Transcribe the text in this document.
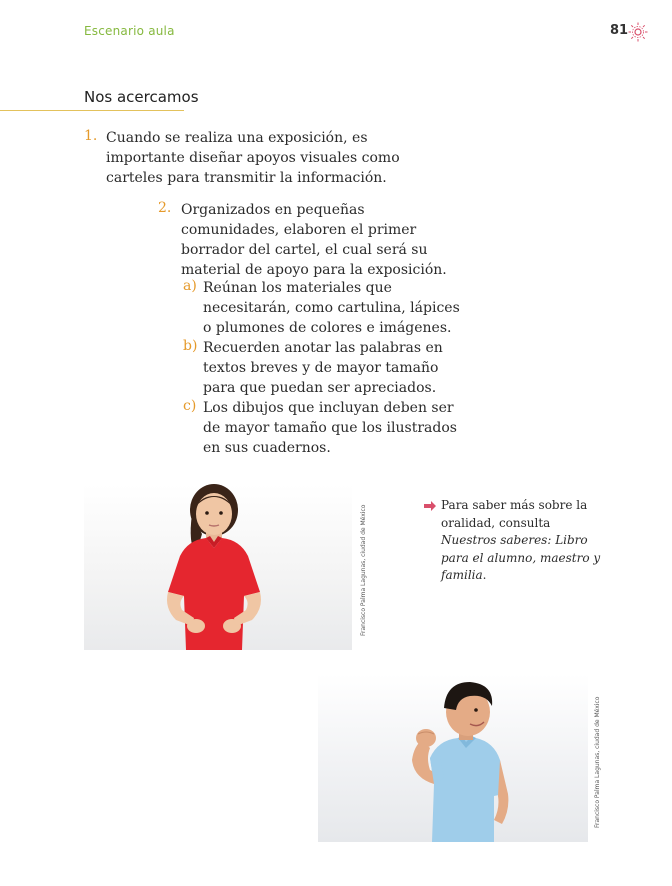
Escenario aula	81
Nos acercamos
1. Cuando se realiza una exposición, es importante diseñar apoyos visuales como carteles para transmitir la información.
2. Organizados en pequeñas comunidades, elaboren el primer borrador del cartel, el cual será su material de apoyo para la exposición.
a) Reúnan los materiales que necesitarán, como cartulina, lápices o plumones de colores e imágenes.
b) Recuerden anotar las palabras en textos breves y de mayor tamaño para que puedan ser apreciados.
c) Los dibujos que incluyan deben ser de mayor tamaño que los ilustrados en sus cuadernos.
Francisco Palma Lagunas, ciudad de México	Para saber más sobre la oralidad, consulta Nuestros saberes: Libro para el alumno, maestro y familia.
Francisco Palma Lagunas, ciudad de México
